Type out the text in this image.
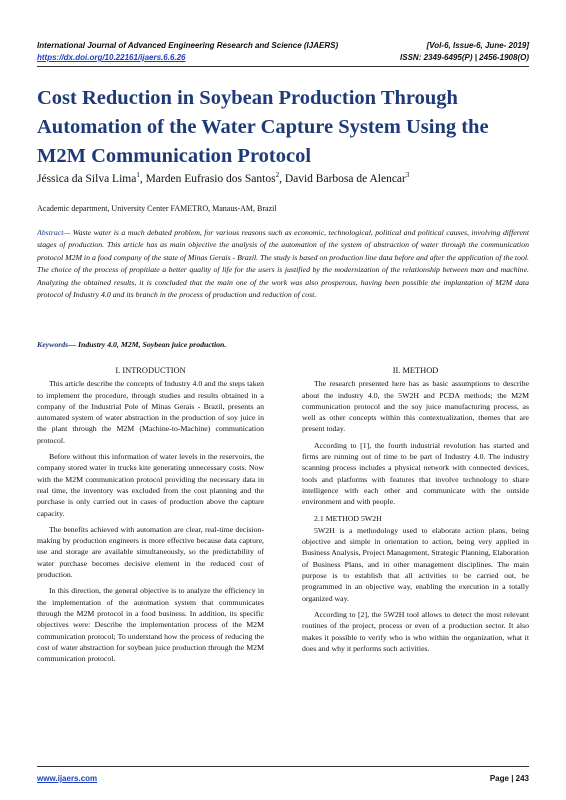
International Journal of Advanced Engineering Research and Science (IJAERS)	[Vol-6, Issue-6, June- 2019]
https://dx.doi.org/10.22161/ijaers.6.6.26	ISSN: 2349-6495(P) | 2456-1908(O)
Cost Reduction in Soybean Production Through Automation of the Water Capture System Using the M2M Communication Protocol
Jéssica da Silva Lima$^1$, Marden Eufrasio dos Santos$^2$, David Barbosa de Alencar$^3$
Academic department, University Center FAMETRO, Manaus-AM, Brazil

Abstract— Waste water is a much debated problem, for various reasons such as economic, technological, political and political causes, involving different stages of production. This article has as main objective the analysis of the automation of the system of abstraction of water through the communication protocol M2M in a food company of the state of Minas Gerais - Brazil. The study is based on production line data before and after the application of the tool. The choice of the process of propitiate a better quality of life for the users is justified by the modernization of the relationship between man and machine. Analyzing the obtained results, it is concluded that the main one of the work was also prosperous, having been possible the implantation of M2M data protocol of Industry 4.0 and its branch in the process of production and reduction of cost.

Keywords— Industry 4.0, M2M, Soybean juice production.
I. INTRODUCTION

This article describe the concepts of Industry 4.0 and the steps taken to implement the procedure, through studies and results obtained in a company of the Industrial Pole of Minas Gerais - Brazil, presents an automated system of water abstraction in the production of soy juice in the plant through the M2M (Machine-to-Machine) communication protocol.

Before without this information of water levels in the reservoirs, the company stored water in trucks kite generating unnecessary costs. Now with the M2M communication protocol providing the necessary data in real time, the inventory was excluded from the cost planning and the purchase is only carried out in cases of production above the capture capacity.

The benefits achieved with automation are clear, real-time decision-making by production engineers is more effective because data capture, use and storage are available simultaneously, so the predictability of water purchase becomes decisive element in the reduced cost of production.

In this direction, the general objective is to analyze the efficiency in the implementation of the automation system that communicates through the M2M protocol in a food business. In addition, its specific objectives were: Describe the implementation process of the M2M communication protocol; To understand how the process of reducing the cost of water abstraction for soybean juice production through the M2M communication protocol.

II. METHOD

The research presented here has as basic assumptions to describe about the industry 4.0, the 5W2H and PCDA methods; the M2M communication protocol and the soy juice manufacturing process, as well as other concepts within this contextualization, themes that are present today.

According to [1], the fourth industrial revolution has started and firms are running out of time to be part of Industry 4.0. The industry scanning process includes a physical network with connected devices, tools and platforms with features that involve technology to share intelligence with each other and communicate with the outside environment and with people.

2.1 METHOD 5W2H

5W2H is a methodology used to elaborate action plans, being objective and simple in orientation to action, being very applied in Business Analysis, Project Management, Strategic Planning, Elaboration of Business Plans, and in other management disciplines. The main purpose is to establish that all activities to be carried out, be programmed in an objective way, enabling the execution in a totally organized way.

According to [2], the 5W2H tool allows to detect the most relevant routines of the project, process or even of a production sector. It also makes it possible to verify who is who within the organization, what it does and why it performs such activities.

www.ijaers.com	Page | 243
